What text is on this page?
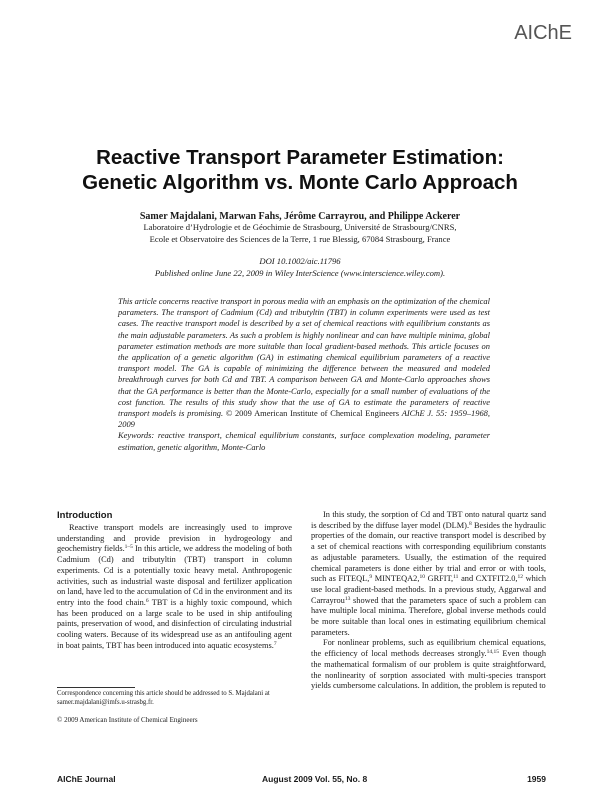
AIChE
Reactive Transport Parameter Estimation:
Genetic Algorithm vs. Monte Carlo Approach
Samer Majdalani, Marwan Fahs, Jérôme Carrayrou, and Philippe Ackerer
Laboratoire d’Hydrologie et de Géochimie de Strasbourg, Université de Strasbourg/CNRS,
Ecole et Observatoire des Sciences de la Terre, 1 rue Blessig, 67084 Strasbourg, France
DOI 10.1002/aic.11796
Published online June 22, 2009 in Wiley InterScience (www.interscience.wiley.com).
This article concerns reactive transport in porous media with an emphasis on the optimization of the chemical parameters. The transport of Cadmium (Cd) and tributyltin (TBT) in column experiments were used as test cases. The reactive transport model is described by a set of chemical reactions with equilibrium constants as the main adjustable parameters. As such a problem is highly nonlinear and can have multiple minima, global parameter estimation methods are more suitable than local gradient-based methods. This article focuses on the application of a genetic algorithm (GA) in estimating chemical equilibrium parameters of a reactive transport model. The GA is capable of minimizing the difference between the measured and modeled breakthrough curves for both Cd and TBT. A comparison between GA and Monte-Carlo approaches shows that the GA performance is better than the Monte-Carlo, especially for a small number of evaluations of the cost function. The results of this study show that the use of GA to estimate the parameters of reactive transport models is promising. © 2009 American Institute of Chemical Engineers AIChE J. 55: 1959–1968, 2009
Keywords: reactive transport, chemical equilibrium constants, surface complexation modeling, parameter estimation, genetic algorithm, Monte-Carlo
Introduction

Reactive transport models are increasingly used to improve understanding and provide prevision in hydrogeology and geochemistry fields.$^{1-5}$ In this article, we address the modeling of both Cadmium (Cd) and tributyltin (TBT) transport in column experiments. Cd is a potentially toxic heavy metal. Anthropogenic activities, such as industrial waste disposal and fertilizer application on land, have led to the accumulation of Cd in the environment and its entry into the food chain.$^6$ TBT is a highly toxic compound, which has been produced on a large scale to be used in ship antifouling paints, preservation of wood, and disinfection of circulating industrial cooling waters. Because of its widespread use as an antifouling agent in boat paints, TBT has been introduced into aquatic ecosystems.$^7$

Correspondence concerning this article should be addressed to S. Majdalani at samer.majdalani@imfs.u-strasbg.fr.
© 2009 American Institute of Chemical Engineers

In this study, the sorption of Cd and TBT onto natural quartz sand is described by the diffuse layer model (DLM).$^8$ Besides the hydraulic properties of the domain, our reactive transport model is described by a set of chemical reactions with corresponding equilibrium constants as adjustable parameters. Usually, the estimation of the required chemical parameters is done either by trial and error or with tools, such as FITEQL,$^9$ MINTEQA2,10 GRFIT,$^{11}$ and CXTFIT2.0,12 which use local gradient-based methods. In a previous study, Aggarwal and Carrayrou$^{13}$ showed that the parameters space of such a problem can have multiple local minima. Therefore, global inverse methods could be more suitable than local ones in estimating equilibrium chemical parameters.

For nonlinear problems, such as equilibrium chemical equations, the efficiency of local methods decreases strongly.$^{14,15}$ Even though the mathematical formalism of our problem is quite straightforward, the nonlinearity of sorption associated with multi-species transport yields cumbersome calculations. In addition, the problem is reputed to

AIChE Journal	August 2009 Vol. 55, No. 8	1959
